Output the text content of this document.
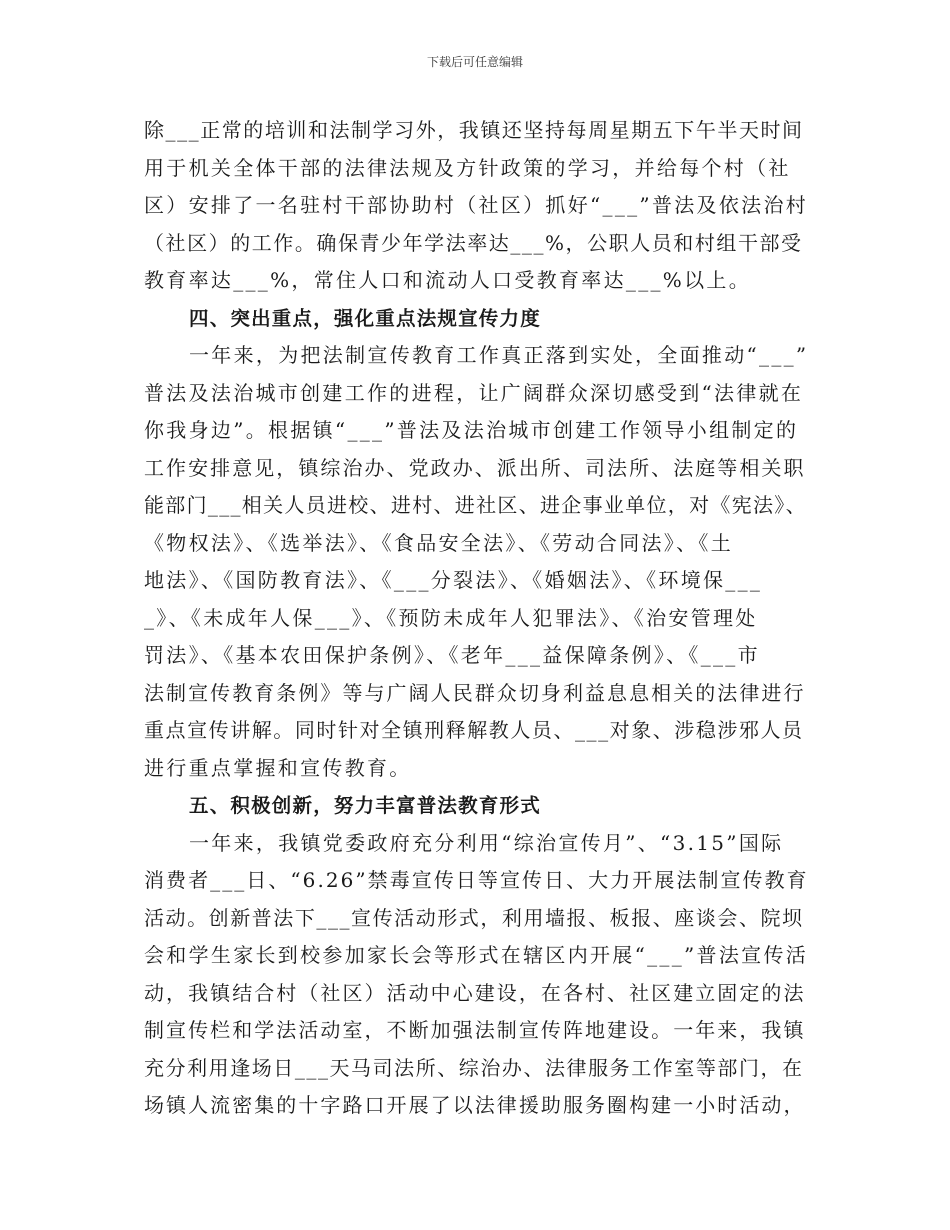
下载后可任意编辑
除___正常的培训和法制学习外，我镇还坚持每周星期五下午半天时间
用于机关全体干部的法律法规及方针政策的学习，并给每个村（社
区）安排了一名驻村干部协助村（社区）抓好“___”普法及依法治村
（社区）的工作。确保青少年学法率达___%，公职人员和村组干部受
教育率达___%，常住人口和流动人口受教育率达___%以上。
四、突出重点，强化重点法规宣传力度
一年来，为把法制宣传教育工作真正落到实处，全面推动“___”
普法及法治城市创建工作的进程，让广阔群众深切感受到“法律就在
你我身边”。根据镇“___”普法及法治城市创建工作领导小组制定的
工作安排意见，镇综治办、党政办、派出所、司法所、法庭等相关职
能部门___相关人员进校、进村、进社区、进企事业单位，对《宪法》、
《物权法》、《选举法》、《食品安全法》、《劳动合同法》、《土
地法》、《国防教育法》、《___分裂法》、《婚姻法》、《环境保___
_》、《未成年人保___》、《预防未成年人犯罪法》、《治安管理处
罚法》、《基本农田保护条例》、《老年___益保障条例》、《___市
法制宣传教育条例》等与广阔人民群众切身利益息息相关的法律进行
重点宣传讲解。同时针对全镇刑释解教人员、___对象、涉稳涉邪人员
进行重点掌握和宣传教育。
五、积极创新，努力丰富普法教育形式
一年来，我镇党委政府充分利用“综治宣传月”、“3.15”国际
消费者___日、“6.26”禁毒宣传日等宣传日、大力开展法制宣传教育
活动。创新普法下___宣传活动形式，利用墙报、板报、座谈会、院坝
会和学生家长到校参加家长会等形式在辖区内开展“___”普法宣传活
动，我镇结合村（社区）活动中心建设，在各村、社区建立固定的法
制宣传栏和学法活动室，不断加强法制宣传阵地建设。一年来，我镇
充分利用逢场日___天马司法所、综治办、法律服务工作室等部门，在
场镇人流密集的十字路口开展了以法律援助服务圈构建一小时活动，
